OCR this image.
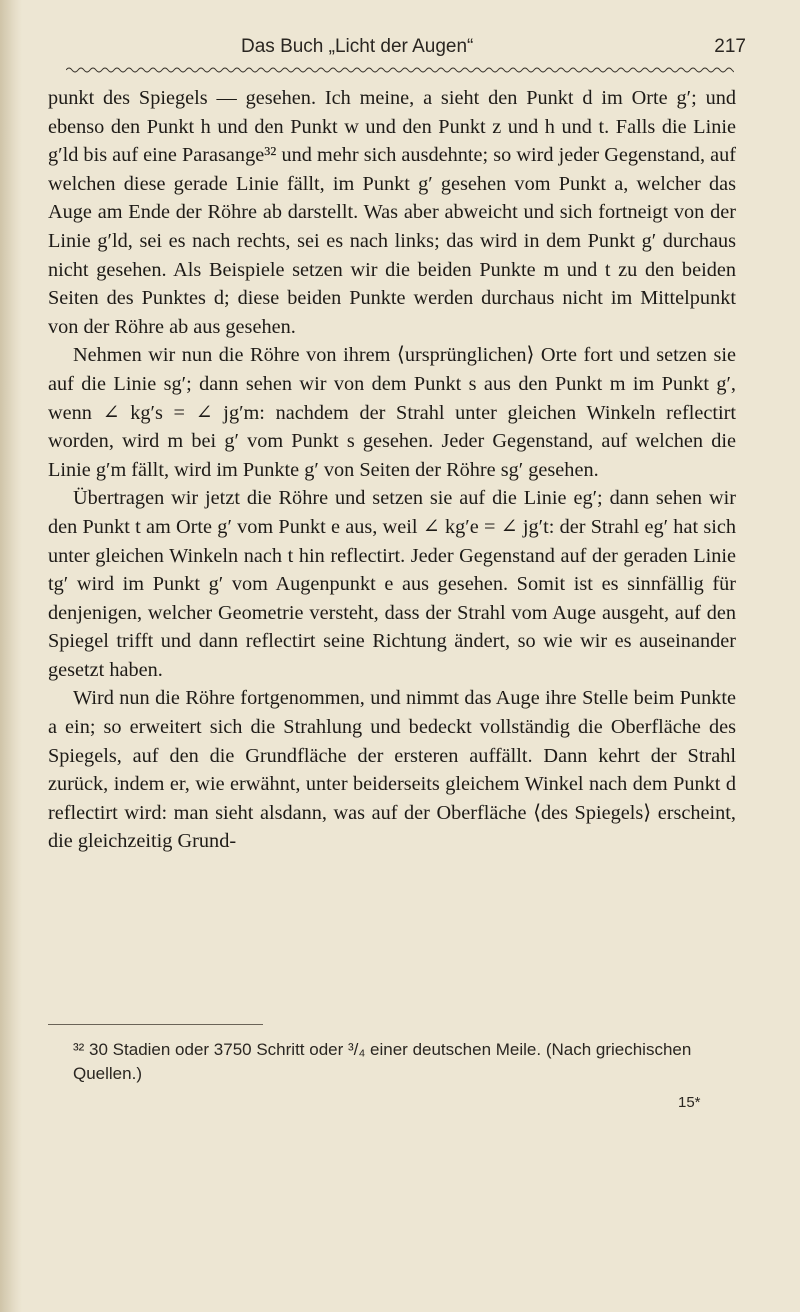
Das Buch „Licht der Augen“	217

punkt des Spiegels — gesehen. Ich meine, a sieht den Punkt d im Orte g′; und ebenso den Punkt h und den Punkt w und den Punkt z und h und t. Falls die Linie g′ld bis auf eine Parasange³² und mehr sich ausdehnte; so wird jeder Gegenstand, auf welchen diese gerade Linie fällt, im Punkt g′ gesehen vom Punkt a, welcher das Auge am Ende der Röhre ab darstellt. Was aber abweicht und sich fortneigt von der Linie g′ld, sei es nach rechts, sei es nach links; das wird in dem Punkt g′ durchaus nicht gesehen. Als Beispiele setzen wir die beiden Punkte m und t zu den beiden Seiten des Punktes d; diese beiden Punkte werden durchaus nicht im Mittelpunkt von der Röhre ab aus gesehen.

Nehmen wir nun die Röhre von ihrem ⟨ursprünglichen⟩ Orte fort und setzen sie auf die Linie sg′; dann sehen wir von dem Punkt s aus den Punkt m im Punkt g′, wenn ∠ kg′s = ∠ jg′m: nachdem der Strahl unter gleichen Winkeln reflectirt worden, wird m bei g′ vom Punkt s gesehen. Jeder Gegenstand, auf welchen die Linie g′m fällt, wird im Punkte g′ von Seiten der Röhre sg′ gesehen.

Übertragen wir jetzt die Röhre und setzen sie auf die Linie eg′; dann sehen wir den Punkt t am Orte g′ vom Punkt e aus, weil ∠ kg′e = ∠ jg′t: der Strahl eg′ hat sich unter gleichen Winkeln nach t hin reflectirt. Jeder Gegenstand auf der geraden Linie tg′ wird im Punkt g′ vom Augenpunkt e aus gesehen. Somit ist es sinnfällig für denjenigen, welcher Geometrie versteht, dass der Strahl vom Auge ausgeht, auf den Spiegel trifft und dann reflectirt seine Richtung ändert, so wie wir es auseinander gesetzt haben.

Wird nun die Röhre fortgenommen, und nimmt das Auge ihre Stelle beim Punkte a ein; so erweitert sich die Strahlung und bedeckt vollständig die Oberfläche des Spiegels, auf den die Grundfläche der ersteren auffällt. Dann kehrt der Strahl zurück, indem er, wie erwähnt, unter beiderseits gleichem Winkel nach dem Punkt d reflectirt wird: man sieht alsdann, was auf der Oberfläche ⟨des Spiegels⟩ erscheint, die gleichzeitig Grund-

³² 30 Stadien oder 3750 Schritt oder ³/₄ einer deutschen Meile. (Nach griechischen Quellen.)
15*
